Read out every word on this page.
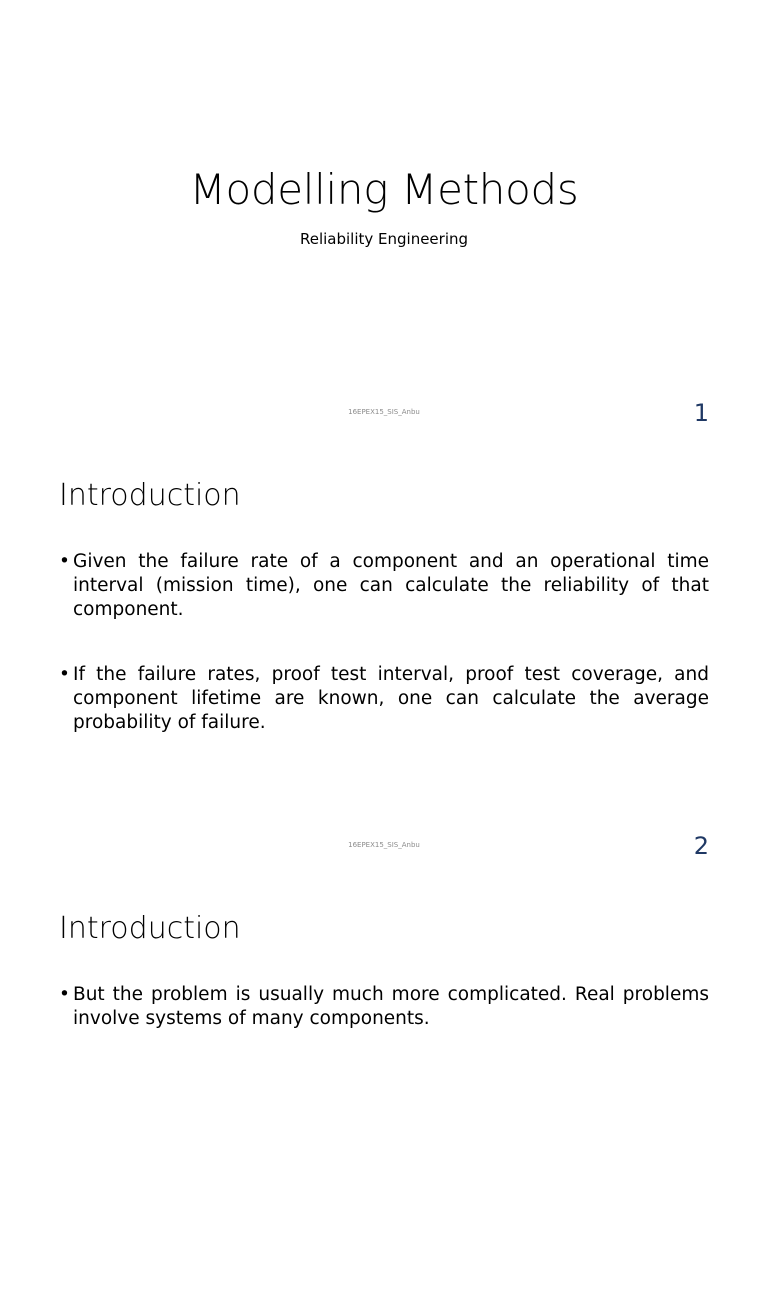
Modelling Methods
Reliability Engineering
16EPEX15_SIS_Anbu	1
Introduction
• Given the failure rate of a component and an operational time interval (mission time), one can calculate the reliability of that component.
• If the failure rates, proof test interval, proof test coverage, and component lifetime are known, one can calculate the average probability of failure.
16EPEX15_SIS_Anbu	2
Introduction
• But the problem is usually much more complicated. Real problems involve systems of many components.
